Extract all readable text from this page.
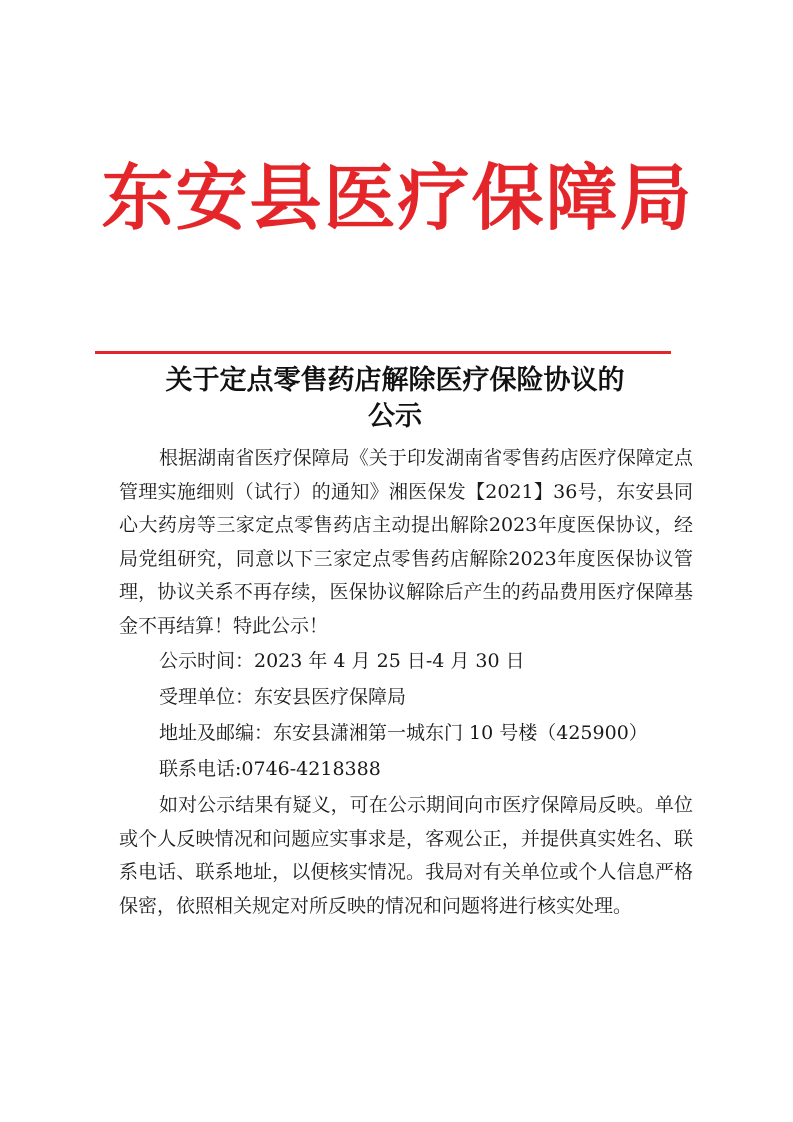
东安县医疗保障局
关于定点零售药店解除医疗保险协议的
公示

根据湖南省医疗保障局《关于印发湖南省零售药店医疗保障定点管理实施细则（试行）的通知》湘医保发【2021】36号，东安县同心大药房等三家定点零售药店主动提出解除2023年度医保协议，经局党组研究，同意以下三家定点零售药店解除2023年度医保协议管理，协议关系不再存续，医保协议解除后产生的药品费用医疗保障基金不再结算！特此公示！

公示时间：2023 年 4 月 25 日-4 月 30 日

受理单位：东安县医疗保障局

地址及邮编：东安县潇湘第一城东门 10 号楼（425900）

联系电话:0746-4218388

如对公示结果有疑义，可在公示期间向市医疗保障局反映。单位或个人反映情况和问题应实事求是，客观公正，并提供真实姓名、联系电话、联系地址，以便核实情况。我局对有关单位或个人信息严格保密，依照相关规定对所反映的情况和问题将进行核实处理。
